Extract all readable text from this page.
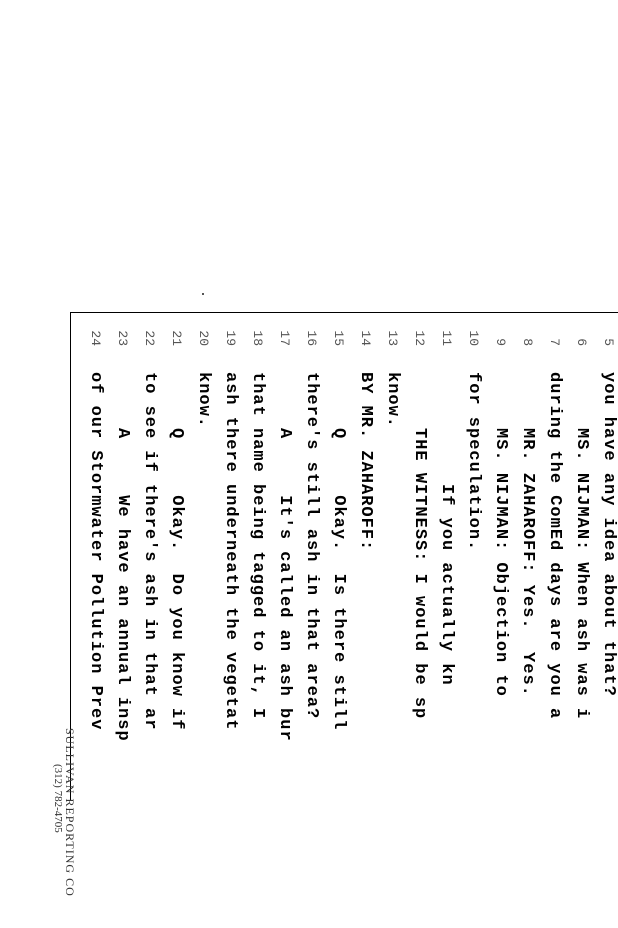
5
you have any idea about that?
6
MS. NIJMAN: When ash was i
7
during the ComEd days are you a
8
MR. ZAHAROFF: Yes.  Yes.
9
MS. NIJMAN: Objection to
10
for speculation.
11
If you actually kn
12
THE WITNESS: I would be sp
13
know.
14
BY MR. ZAHAROFF:
15
Q     Okay.  Is there still
16
there's still ash in that area?
17
A     It's called an ash bur
18
that name being tagged to it, I
19
ash there underneath the vegetat
20
know.
21
Q     Okay.  Do you know if
22
to see if there's ash in that ar
23
A     We have an annual insp
24
of our Stormwater Pollution Prev
SULLIVAN REPORTING CO
(312) 782-4705
